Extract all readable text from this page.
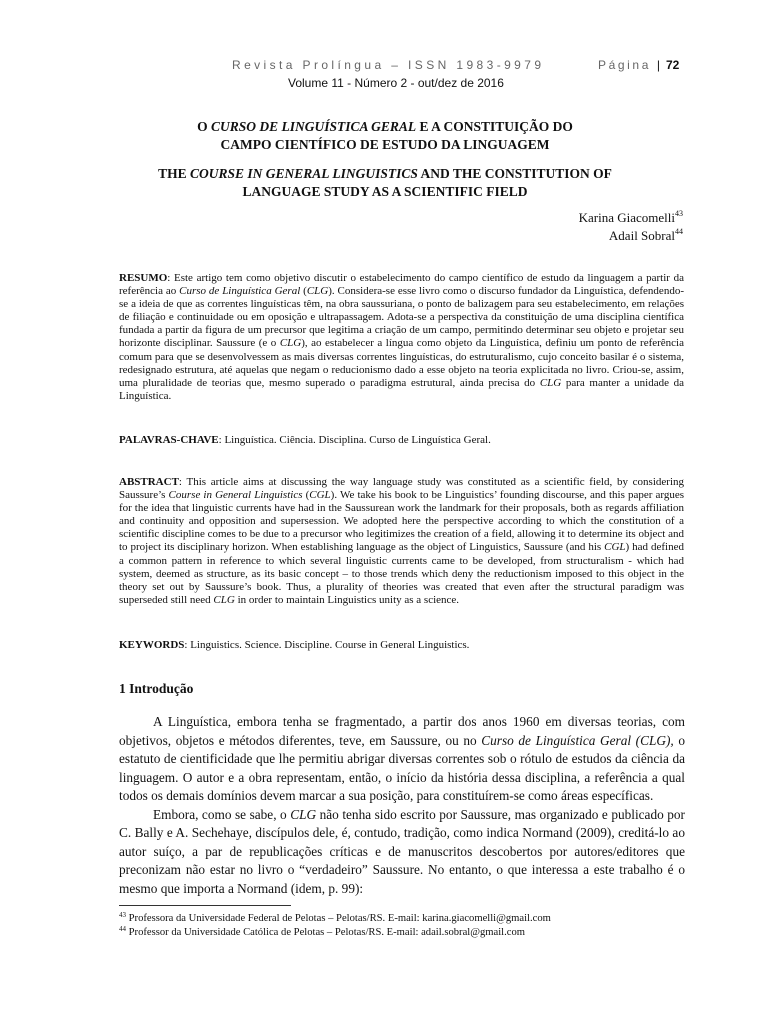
Revista Prolíngua – ISSN 1983-9979	Página | 72
Volume 11 - Número 2 - out/dez de 2016
O CURSO DE LINGUÍSTICA GERAL E A CONSTITUIÇÃO DO
CAMPO CIENTÍFICO DE ESTUDO DA LINGUAGEM
THE COURSE IN GENERAL LINGUISTICS AND THE CONSTITUTION OF
LANGUAGE STUDY AS A SCIENTIFIC FIELD
Karina Giacomelli$^{43}$
Adail Sobral$^{44}$
RESUMO: Este artigo tem como objetivo discutir o estabelecimento do campo científico de estudo da linguagem a partir da referência ao Curso de Linguística Geral (CLG). Considera-se esse livro como o discurso fundador da Linguística, defendendo-se a ideia de que as correntes linguísticas têm, na obra saussuriana, o ponto de balizagem para seu estabelecimento, em relações de filiação e continuidade ou em oposição e ultrapassagem. Adota-se a perspectiva da constituição de uma disciplina científica fundada a partir da figura de um precursor que legitima a criação de um campo, permitindo determinar seu objeto e projetar seu horizonte disciplinar. Saussure (e o CLG), ao estabelecer a língua como objeto da Linguística, definiu um ponto de referência comum para que se desenvolvessem as mais diversas correntes linguísticas, do estruturalismo, cujo conceito basilar é o sistema, redesignado estrutura, até aquelas que negam o reducionismo dado a esse objeto na teoria explicitada no livro. Criou-se, assim, uma pluralidade de teorias que, mesmo superado o paradigma estrutural, ainda precisa do CLG para manter a unidade da Linguística.
PALAVRAS-CHAVE: Linguística. Ciência. Disciplina. Curso de Linguística Geral.
ABSTRACT: This article aims at discussing the way language study was constituted as a scientific field, by considering Saussure’s Course in General Linguistics (CGL). We take his book to be Linguistics’ founding discourse, and this paper argues for the idea that linguistic currents have had in the Saussurean work the landmark for their proposals, both as regards affiliation and continuity and opposition and supersession. We adopted here the perspective according to which the constitution of a scientific discipline comes to be due to a precursor who legitimizes the creation of a field, allowing it to determine its object and to project its disciplinary horizon. When establishing language as the object of Linguistics, Saussure (and his CGL) had defined a common pattern in reference to which several linguistic currents came to be developed, from structuralism - which had system, deemed as structure, as its basic concept – to those trends which deny the reductionism imposed to this object in the theory set out by Saussure’s book. Thus, a plurality of theories was created that even after the structural paradigm was superseded still need CLG in order to maintain Linguistics unity as a science.
KEYWORDS: Linguistics. Science. Discipline. Course in General Linguistics.
1 Introdução

A Linguística, embora tenha se fragmentado, a partir dos anos 1960 em diversas teorias, com objetivos, objetos e métodos diferentes, teve, em Saussure, ou no Curso de Linguística Geral (CLG), o estatuto de cientificidade que lhe permitiu abrigar diversas correntes sob o rótulo de estudos da ciência da linguagem. O autor e a obra representam, então, o início da história dessa disciplina, a referência a qual todos os demais domínios devem marcar a sua posição, para constituírem-se como áreas específicas.

Embora, como se sabe, o CLG não tenha sido escrito por Saussure, mas organizado e publicado por C. Bally e A. Sechehaye, discípulos dele, é, contudo, tradição, como indica Normand (2009), creditá-lo ao autor suíço, a par de republicações críticas e de manuscritos descobertos por autores/editores que preconizam não estar no livro o “verdadeiro” Saussure. No entanto, o que interessa a este trabalho é o mesmo que importa a Normand (idem, p. 99):

$^{43}$ Professora da Universidade Federal de Pelotas – Pelotas/RS. E-mail: karina.giacomelli@gmail.com
$^{44}$ Professor da Universidade Católica de Pelotas – Pelotas/RS. E-mail: adail.sobral@gmail.com
